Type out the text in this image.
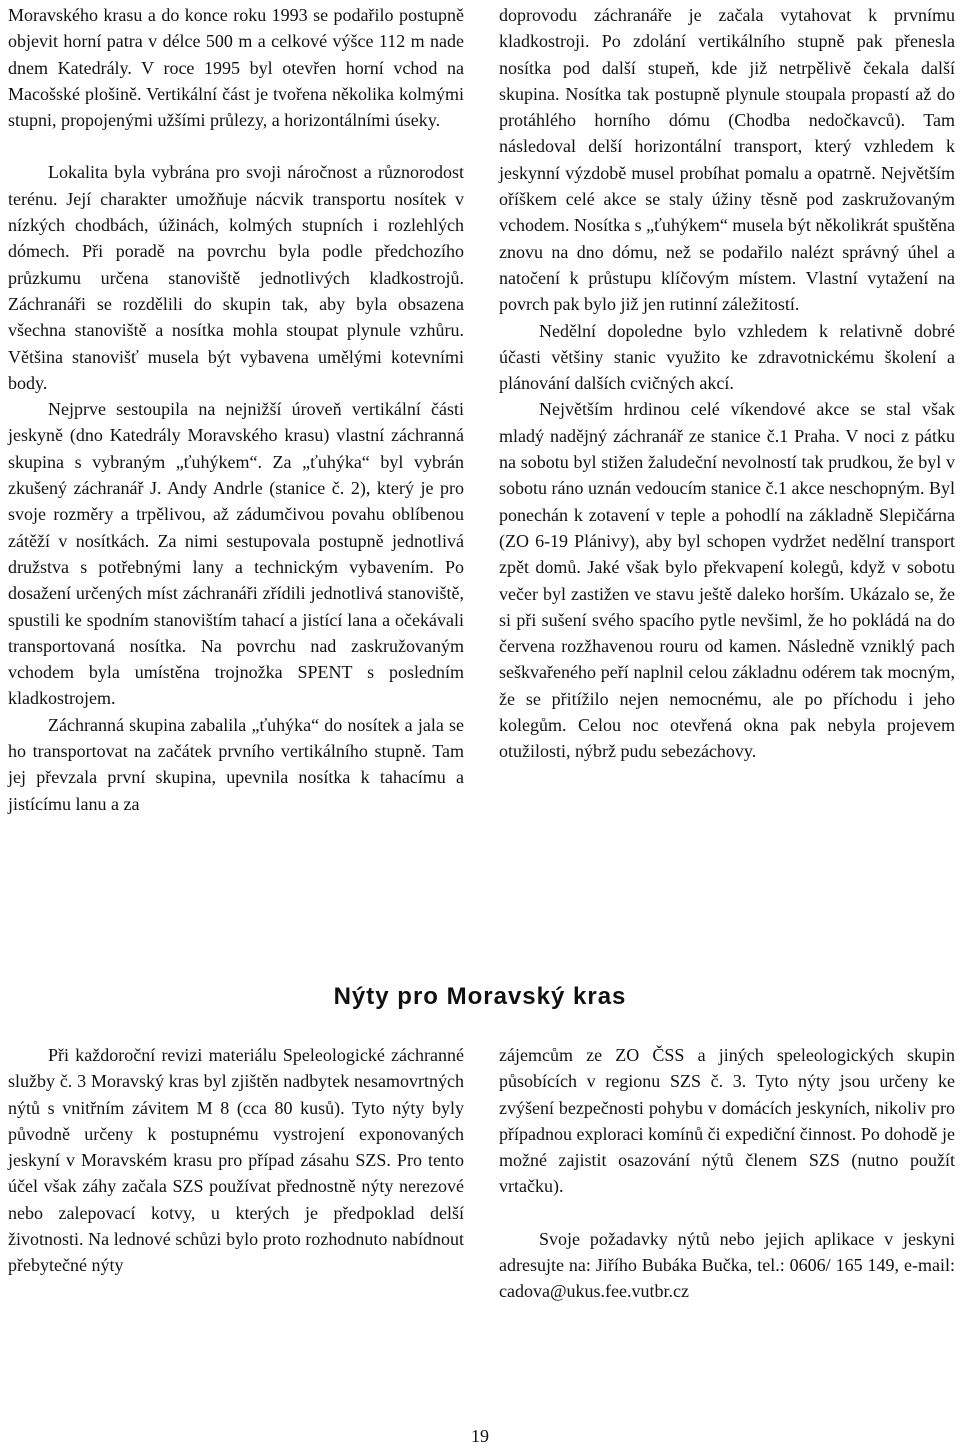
Moravského krasu a do konce roku 1993 se podařilo postupně objevit horní patra v délce 500 m a celkové výšce 112 m nade dnem Katedrály. V roce 1995 byl otevřen horní vchod na Macošské plošině. Vertikální část je tvořena několika kolmými stupni, propojenými užšími průlezy, a horizontálními úseky.

Lokalita byla vybrána pro svoji náročnost a různorodost terénu. Její charakter umožňuje nácvik transportu nosítek v nízkých chodbách, úžinách, kolmých stupních i rozlehlých dómech. Při poradě na povrchu byla podle předchozího průzkumu určena stanoviště jednotlivých kladkostrojů. Záchranáři se rozdělili do skupin tak, aby byla obsazena všechna stanoviště a nosítka mohla stoupat plynule vzhůru. Většina stanovišť musela být vybavena umělými kotevními body.

Nejprve sestoupila na nejnižší úroveň vertikální části jeskyně (dno Katedrály Moravského krasu) vlastní záchranná skupina s vybraným „ťuhýkem“. Za „ťuhýka“ byl vybrán zkušený záchranář J. Andy Andrle (stanice č. 2), který je pro svoje rozměry a trpělivou, až zádumčivou povahu oblíbenou zátěží v nosítkách. Za nimi sestupovala postupně jednotlivá družstva s potřebnými lany a technickým vybavením. Po dosažení určených míst záchranáři zřídili jednotlivá stanoviště, spustili ke spodním stanovištím tahací a jistící lana a očekávali transportovaná nosítka. Na povrchu nad zaskružovaným vchodem byla umístěna trojnožka SPENT s posledním kladkostrojem.

Záchranná skupina zabalila „ťuhýka“ do nosítek a jala se ho transportovat na začátek prvního vertikálního stupně. Tam jej převzala první skupina, upevnila nosítka k tahacímu a jistícímu lanu a za

doprovodu záchranáře je začala vytahovat k prvnímu kladkostroji. Po zdolání vertikálního stupně pak přenesla nosítka pod další stupeň, kde již netrpělivě čekala další skupina. Nosítka tak postupně plynule stoupala propastí až do protáhlého horního dómu (Chodba nedočkavců). Tam následoval delší horizontální transport, který vzhledem k jeskynní výzdobě musel probíhat pomalu a opatrně. Největším oříškem celé akce se staly úžiny těsně pod zaskružovaným vchodem. Nosítka s „ťuhýkem“ musela být několikrát spuštěna znovu na dno dómu, než se podařilo nalézt správný úhel a natočení k průstupu klíčovým místem. Vlastní vytažení na povrch pak bylo již jen rutinní záležitostí.

Nedělní dopoledne bylo vzhledem k relativně dobré účasti většiny stanic využito ke zdravotnickému školení a plánování dalších cvičných akcí.

Největším hrdinou celé víkendové akce se stal však mladý nadějný záchranář ze stanice č.1 Praha. V noci z pátku na sobotu byl stižen žaludeční nevolností tak prudkou, že byl v sobotu ráno uznán vedoucím stanice č.1 akce neschopným. Byl ponechán k zotavení v teple a pohodlí na základně Slepičárna (ZO 6-19 Plánivy), aby byl schopen vydržet nedělní transport zpět domů. Jaké však bylo překvapení kolegů, když v sobotu večer byl zastižen ve stavu ještě daleko horším. Ukázalo se, že si při sušení svého spacího pytle nevšiml, že ho pokládá na do červena rozžhavenou rouru od kamen. Následně vzniklý pach seškvařeného peří naplnil celou základnu odérem tak mocným, že se přitížilo nejen nemocnému, ale po příchodu i jeho kolegům. Celou noc otevřená okna pak nebyla projevem otužilosti, nýbrž pudu sebezáchovy.

Nýty pro Moravský kras

Při každoroční revizi materiálu Speleologické záchranné služby č. 3 Moravský kras byl zjištěn nadbytek nesamovrtných nýtů s vnitřním závitem M 8 (cca 80 kusů). Tyto nýty byly původně určeny k postupnému vystrojení exponovaných jeskyní v Moravském krasu pro případ zásahu SZS. Pro tento účel však záhy začala SZS používat přednostně nýty nerezové nebo zalepovací kotvy, u kterých je předpoklad delší životnosti. Na lednové schůzi bylo proto rozhodnuto nabídnout přebytečné nýty

zájemcům ze ZO ČSS a jiných speleologických skupin působících v regionu SZS č. 3. Tyto nýty jsou určeny ke zvýšení bezpečnosti pohybu v domácích jeskyních, nikoliv pro případnou exploraci komínů či expediční činnost. Po dohodě je možné zajistit osazování nýtů členem SZS (nutno použít vrtačku).

Svoje požadavky nýtů nebo jejich aplikace v jeskyni adresujte na: Jiřího Bubáka Bučka, tel.: 0606/ 165 149, e-mail: cadova@ukus.fee.vutbr.cz

19
